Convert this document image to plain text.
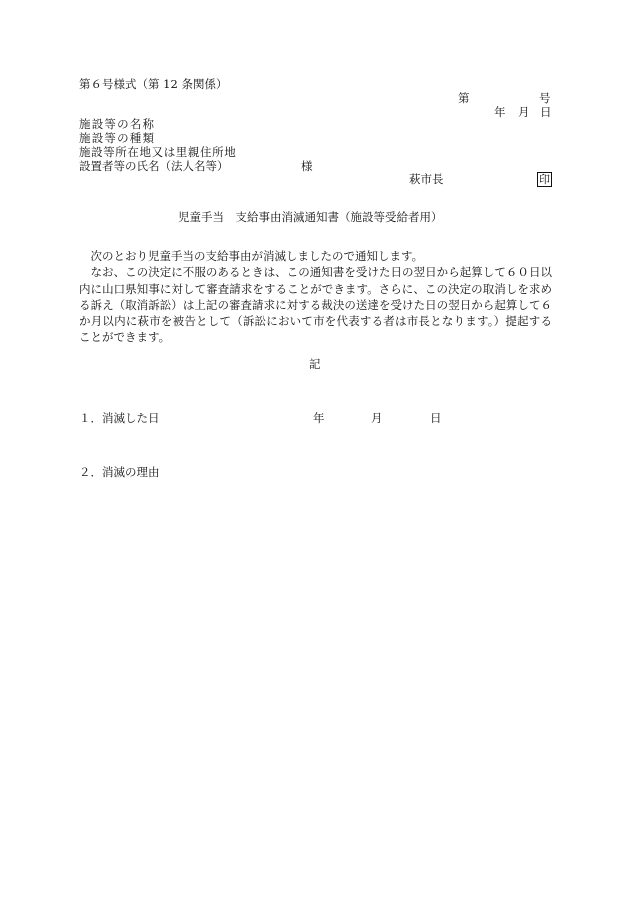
第６号様式（第 12 条関係）
第	号
年 月 日
施設等の名称
施設等の種類
施設等所在地又は里親住所地
設置者等の氏名（法人名等）	様
萩市長	印
児童手当　支給事由消滅通知書（施設等受給者用）

次のとおり児童手当の支給事由が消滅しましたので通知します。

なお、この決定に不服のあるときは、この通知書を受けた日の翌日から起算して６０日以内に山口県知事に対して審査請求をすることができます。さらに、この決定の取消しを求める訴え（取消訴訟）は上記の審査請求に対する裁決の送達を受けた日の翌日から起算して６か月以内に萩市を被告として（訴訟において市を代表する者は市長となります。）提起することができます。

記
１．消滅した日	年	月	日
２．消滅の理由
